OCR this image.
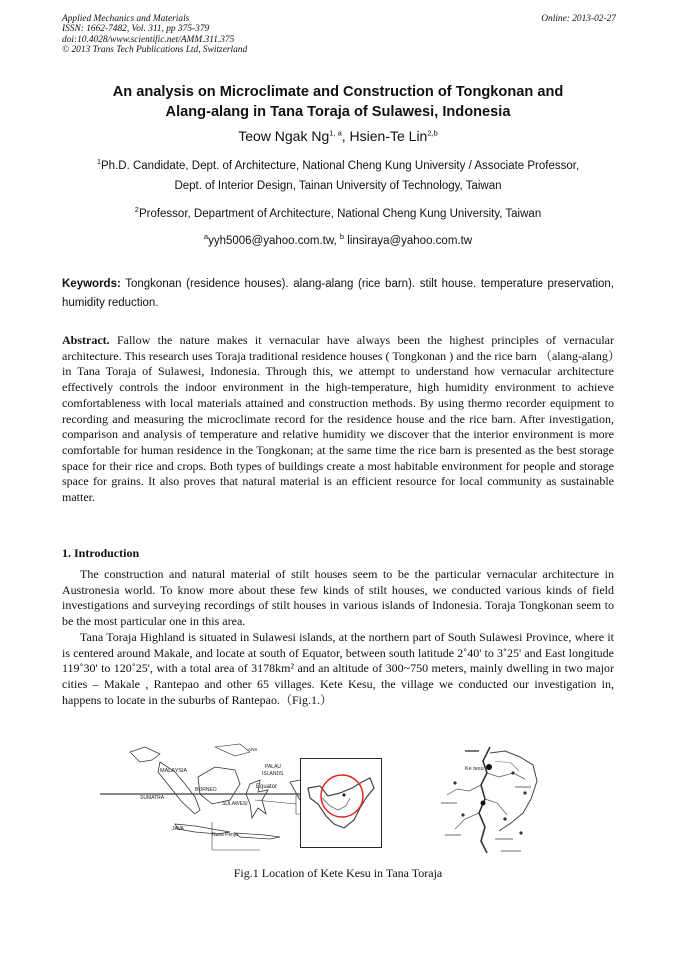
Applied Mechanics and Materials
ISSN: 1662-7482, Vol. 311, pp 375-379
doi:10.4028/www.scientific.net/AMM.311.375
© 2013 Trans Tech Publications Ltd, Switzerland
Online: 2013-02-27
An analysis on Microclimate and Construction of Tongkonan and
Alang-alang in Tana Toraja of Sulawesi, Indonesia
Teow Ngak Ng$^{1, a}$, Hsien-Te Lin$^{2,b}$
$^1$Ph.D. Candidate, Dept. of Architecture, National Cheng Kung University / Associate Professor,
Dept. of Interior Design, Tainan University of Technology, Taiwan
$^2$Professor, Department of Architecture, National Cheng Kung University, Taiwan
$^a$yyh5006@yahoo.com.tw, $^b$ linsiraya@yahoo.com.tw
Keywords: Tongkonan (residence houses). alang-alang (rice barn). stilt house. temperature preservation, humidity reduction.
Abstract. Fallow the nature makes it vernacular have always been the highest principles of vernacular architecture. This research uses Toraja traditional residence houses ( Tongkonan ) and the rice barn （alang-alang）in Tana Toraja of Sulawesi, Indonesia. Through this, we attempt to understand how vernacular architecture effectively controls the indoor environment in the high-temperature, high humidity environment to achieve comfortableness with local materials attained and construction methods. By using thermo recorder equipment to recording and measuring the microclimate record for the residence house and the rice barn. After investigation, comparison and analysis of temperature and relative humidity we discover that the interior environment is more comfortable for human residence in the Tongkonan; at the same time the rice barn is presented as the best storage space for their rice and crops. Both types of buildings create a most habitable environment for people and storage space for grains. It also proves that natural material is an efficient resource for local community as sustainable matter.
1. Introduction
The construction and natural material of stilt houses seem to be the particular vernacular architecture in Austronesia world. To know more about these few kinds of stilt houses, we conducted various kinds of field investigations and surveying recordings of stilt houses in various islands of Indonesia. Toraja Tongkonan seem to be the most particular one in this area.
Tana Toraja Highland is situated in Sulawesi islands, at the northern part of South Sulawesi Province, where it is centered around Makale, and locate at south of Equator, between south latitude 2˚40' to 3˚25' and East longitude 119˚30' to 120˚25', with a total area of 3178km² and an altitude of 300~750 meters, mainly dwelling in two major cities – Makale , Rantepao and other 65 villages. Kete Kesu, the village we conducted our investigation in, happens to locate in the suburbs of Rantepao.（Fig.1.）
MALAYSIA
SUMATRA
BORNEO
SULAWESI
JAVA
Equator
PALAU
ISLANDS
Nusa Penja
ANS
Ke tesu
Fig.1 Location of Kete Kesu in Tana Toraja
